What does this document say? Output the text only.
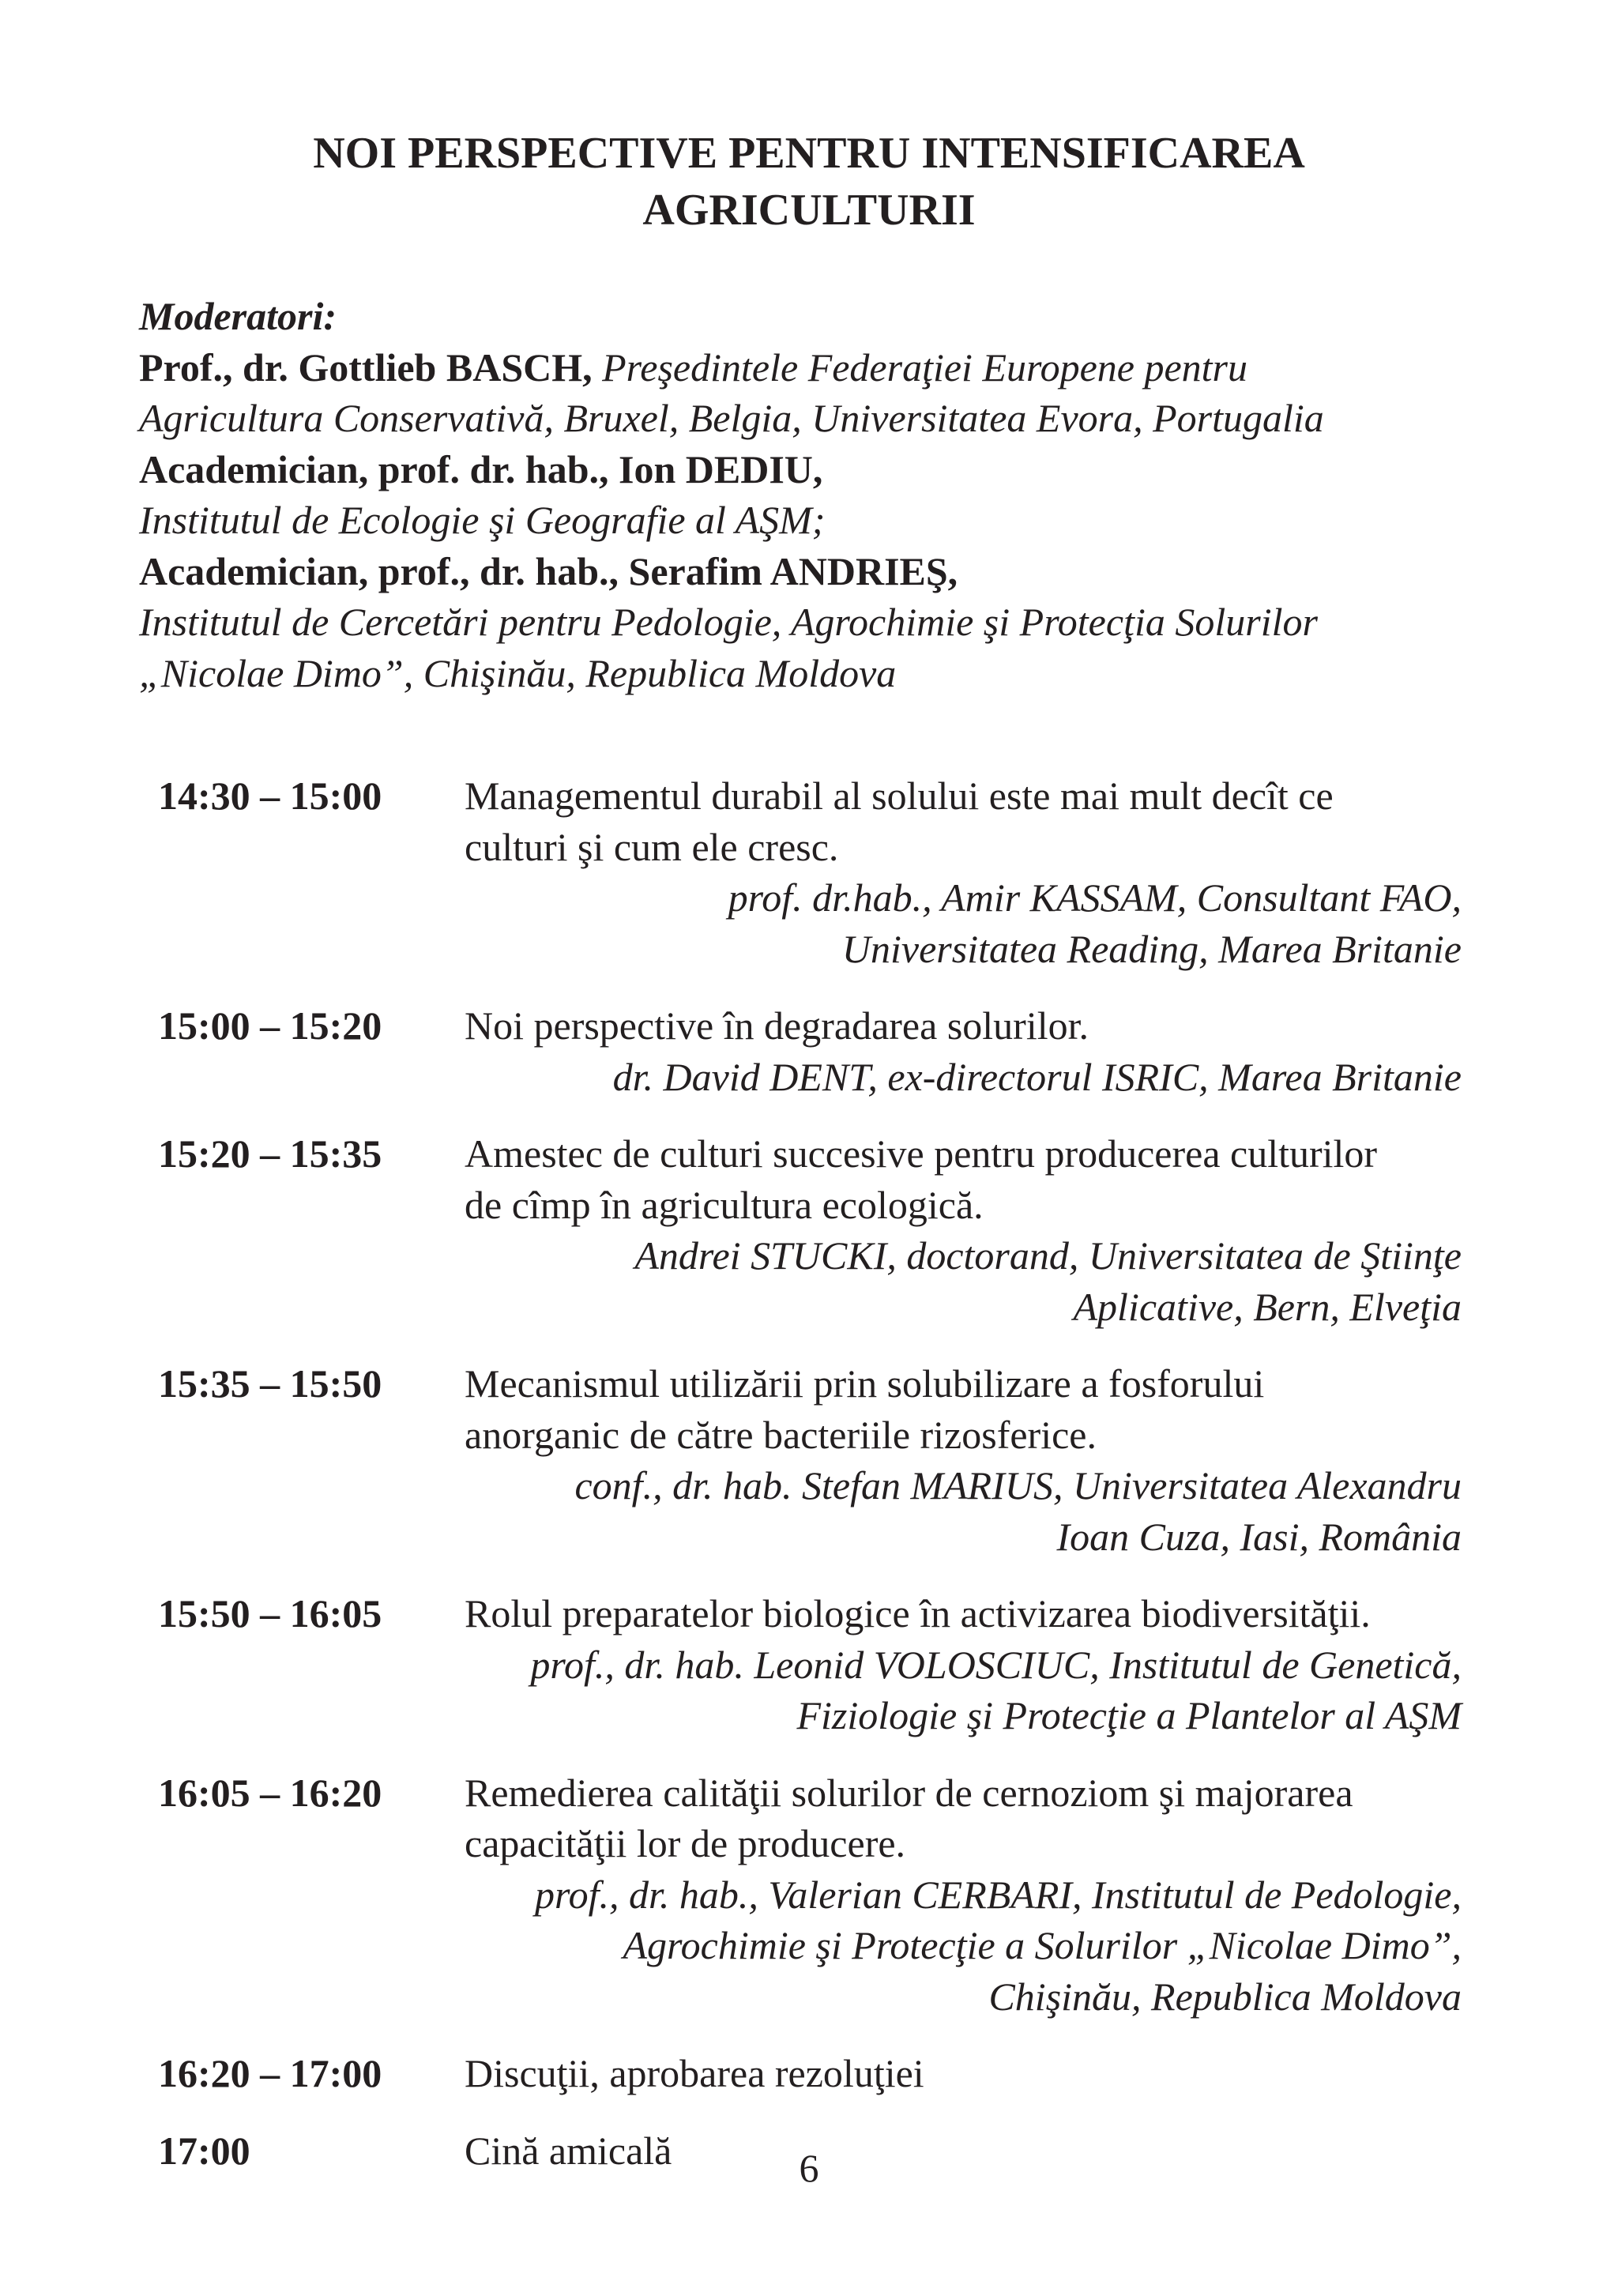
NOI PERSPECTIVE PENTRU INTENSIFICAREA
AGRICULTURII
Moderatori:
Prof., dr. Gottlieb BASCH, Preşedintele Federaţiei Europene pentru
Agricultura Conservativă, Bruxel, Belgia, Universitatea Evora, Portugalia
Academician, prof. dr. hab., Ion DEDIU,
Institutul de Ecologie şi Geografie al AŞM;
Academician, prof., dr. hab., Serafim ANDRIEŞ,
Institutul de Cercetări pentru Pedologie, Agrochimie şi Protecţia Solurilor
„Nicolae Dimo”, Chişinău, Republica Moldova
14:30 – 15:00 Managementul durabil al solului este mai mult decît ce
culturi şi cum ele cresc.
prof. dr.hab., Amir KASSAM, Consultant FAO,
Universitatea Reading, Marea Britanie
15:00 – 15:20 Noi perspective în degradarea solurilor.
dr. David DENT, ex-directorul ISRIC, Marea Britanie
15:20 – 15:35 Amestec de culturi succesive pentru producerea culturilor
de cîmp în agricultura ecologică.
Andrei STUCKI, doctorand, Universitatea de Ştiinţe
Aplicative, Bern, Elveţia
15:35 – 15:50 Mecanismul utilizării prin solubilizare a fosforului
anorganic de către bacteriile rizosferice.
conf., dr. hab. Stefan MARIUS, Universitatea Alexandru
Ioan Cuza, Iasi, România
15:50 – 16:05 Rolul preparatelor biologice în activizarea biodiversităţii.
prof., dr. hab. Leonid VOLOSCIUC, Institutul de Genetică,
Fiziologie şi Protecţie a Plantelor al AŞM
16:05 – 16:20 Remedierea calităţii solurilor de cernoziom şi majorarea
capacităţii lor de producere.
prof., dr. hab., Valerian CERBARI, Institutul de Pedologie,
Agrochimie şi Protecţie a Solurilor „Nicolae Dimo”,
Chişinău, Republica Moldova
16:20 – 17:00 Discuţii, aprobarea rezoluţiei
17:00	Cină amicală	6
